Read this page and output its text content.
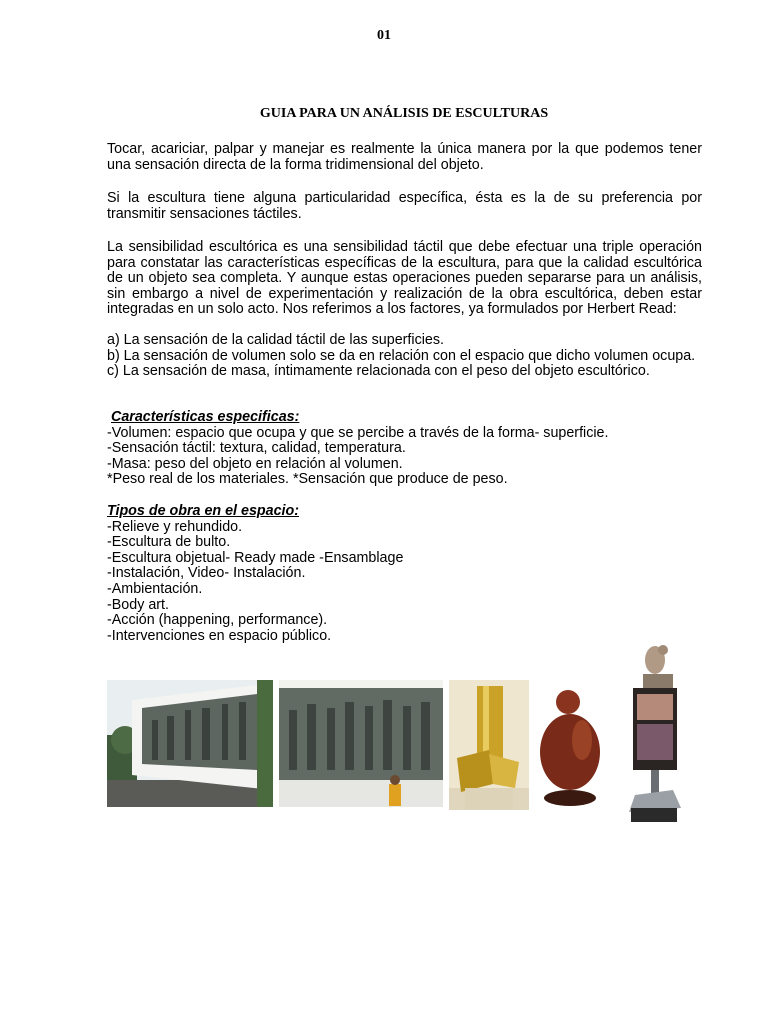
01
GUIA PARA UN ANÁLISIS DE ESCULTURAS

Tocar, acariciar, palpar y manejar es realmente la única manera por la que podemos tener una sensación directa de la forma tridimensional del objeto.

Si la escultura tiene alguna particularidad específica, ésta es la de su preferencia por transmitir sensaciones táctiles.

La sensibilidad escultórica es una sensibilidad táctil que debe efectuar una triple operación para constatar las características específicas de la escultura, para que la calidad escultórica de un objeto sea completa. Y aunque estas operaciones pueden separarse para un análisis, sin embargo a nivel de experimentación y realización de la obra escultórica, deben estar integradas en un solo acto. Nos referimos a los factores, ya formulados por Herbert Read:

a) La sensación de la calidad táctil de las superficies.

b) La sensación de volumen solo se da en relación con el espacio que dicho volumen ocupa.

c) La sensación de masa, íntimamente relacionada con el peso del objeto escultórico.

Características especificas:

-Volumen: espacio que ocupa y que se percibe a través de la forma- superficie.

-Sensación táctil: textura, calidad, temperatura.

-Masa: peso del objeto en relación al volumen.

*Peso real de los materiales. *Sensación que produce de peso.

Tipos de obra en el espacio:

-Relieve y rehundido.

-Escultura de bulto.

-Escultura objetual- Ready made -Ensamblage

-Instalación, Video- Instalación.

-Ambientación.

-Body art.

-Acción (happening, performance).

-Intervenciones en espacio público.
